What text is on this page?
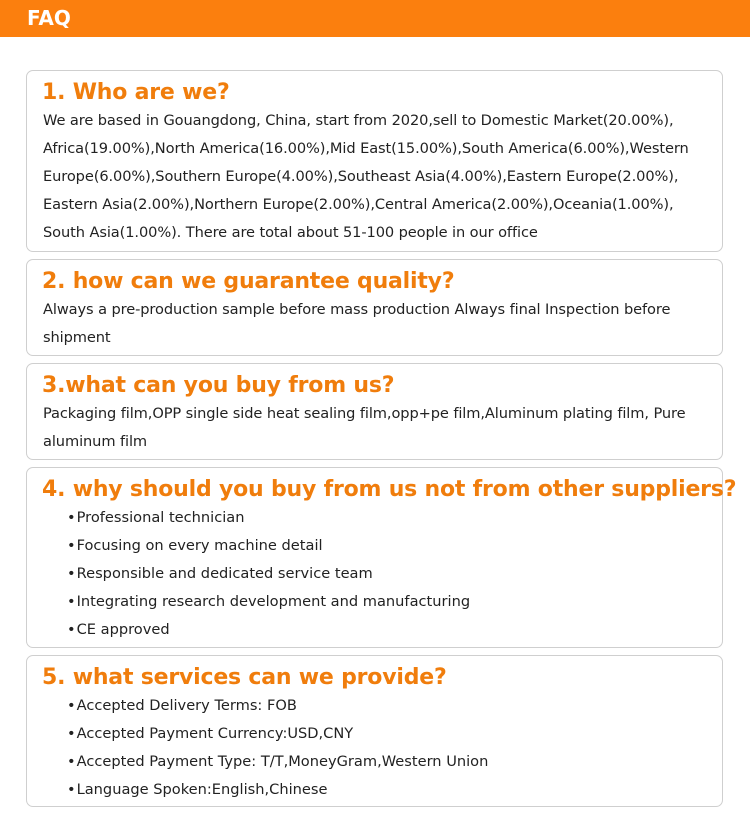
FAQ
1. Who are we?
We are based in Gouangdong, China, start from 2020,sell to Domestic Market(20.00%), Africa(19.00%),North America(16.00%),Mid East(15.00%),South America(6.00%),Western Europe(6.00%),Southern Europe(4.00%),Southeast Asia(4.00%),Eastern Europe(2.00%), Eastern Asia(2.00%),Northern Europe(2.00%),Central America(2.00%),Oceania(1.00%), South Asia(1.00%). There are total about 51-100 people in our office
2. how can we guarantee quality?
Always a pre-production sample before mass production Always final Inspection before shipment
3.what can you buy from us?
Packaging film,OPP single side heat sealing film,opp+pe film,Aluminum plating film, Pure aluminum film
4. why should you buy from us not from other suppliers?
• Professional technician
• Focusing on every machine detail
• Responsible and dedicated service team
• Integrating research development and manufacturing
• CE approved
5. what services can we provide?
• Accepted Delivery Terms: FOB
• Accepted Payment Currency:USD,CNY
• Accepted Payment Type: T/T,MoneyGram,Western Union
• Language Spoken:English,Chinese
